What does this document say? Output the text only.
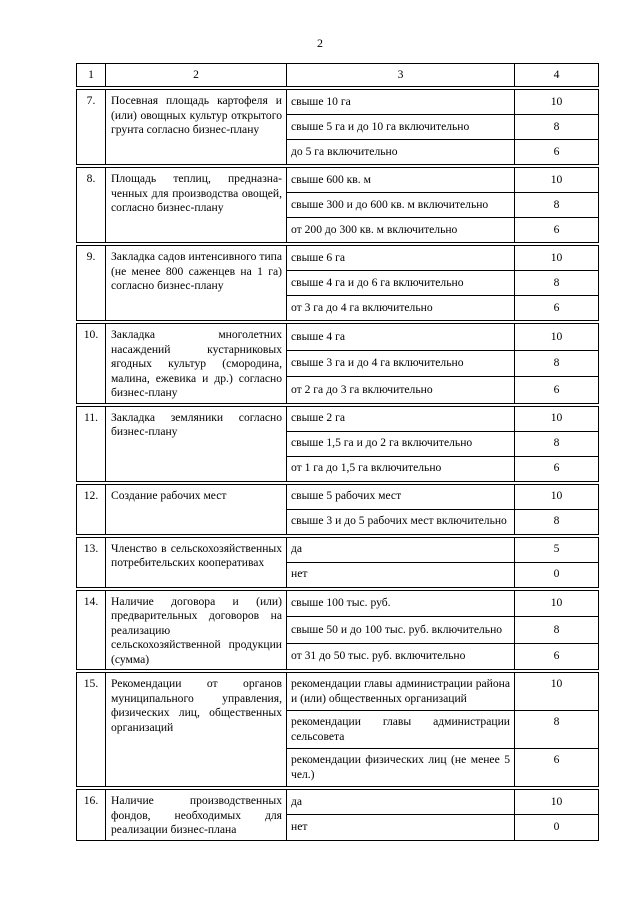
2
1	2	3	4

7.	Посевная площадь картофеля и (или) овощных культур открытого грунта согласно бизнес-плану	свыше 10 га	10
		свыше 5 га и до 10 га включительно	8
		до 5 га включительно	6

8.	Площадь теплиц, предназна-ченных для производства овощей, согласно бизнес-плану	свыше 600 кв. м	10
		свыше 300 и до 600 кв. м включительно	8
		от 200 до 300 кв. м включительно	6

9.	Закладка садов интенсивного типа (не менее 800 саженцев на 1 га) согласно бизнес-плану	свыше 6 га	10
		свыше 4 га и до 6 га включительно	8
		от 3 га до 4 га включительно	6

10.	Закладка многолетних насаждений кустарниковых ягодных культур (смородина, малина, ежевика и др.) согласно бизнес-плану	свыше 4 га	10
		свыше 3 га и до 4 га включительно	8
		от 2 га до 3 га включительно	6

11.	Закладка земляники согласно бизнес-плану	свыше 2 га	10
		свыше 1,5 га и до 2 га включительно	8
		от 1 га до 1,5 га включительно	6

12.	Создание рабочих мест	свыше 5 рабочих мест	10
		свыше 3 и до 5 рабочих мест включительно	8

13.	Членство в сельскохозяйственных потребительских кооперативах	да	5
		нет	0

14.	Наличие договора и (или) предварительных договоров на реализацию сельскохозяйственной продукции (сумма)	свыше 100 тыс. руб.	10
		свыше 50 и до 100 тыс. руб. включительно	8
		от 31 до 50 тыс. руб. включительно	6

15.	Рекомендации от органов муниципального управления, физических лиц, общественных организаций	рекомендации главы администрации района и (или) общественных организаций	10
		рекомендации главы администрации сельсовета	8
		рекомендации физических лиц (не менее 5 чел.)	6

16.	Наличие производственных фондов, необходимых для реализации бизнес-плана	да	10
		нет	0
